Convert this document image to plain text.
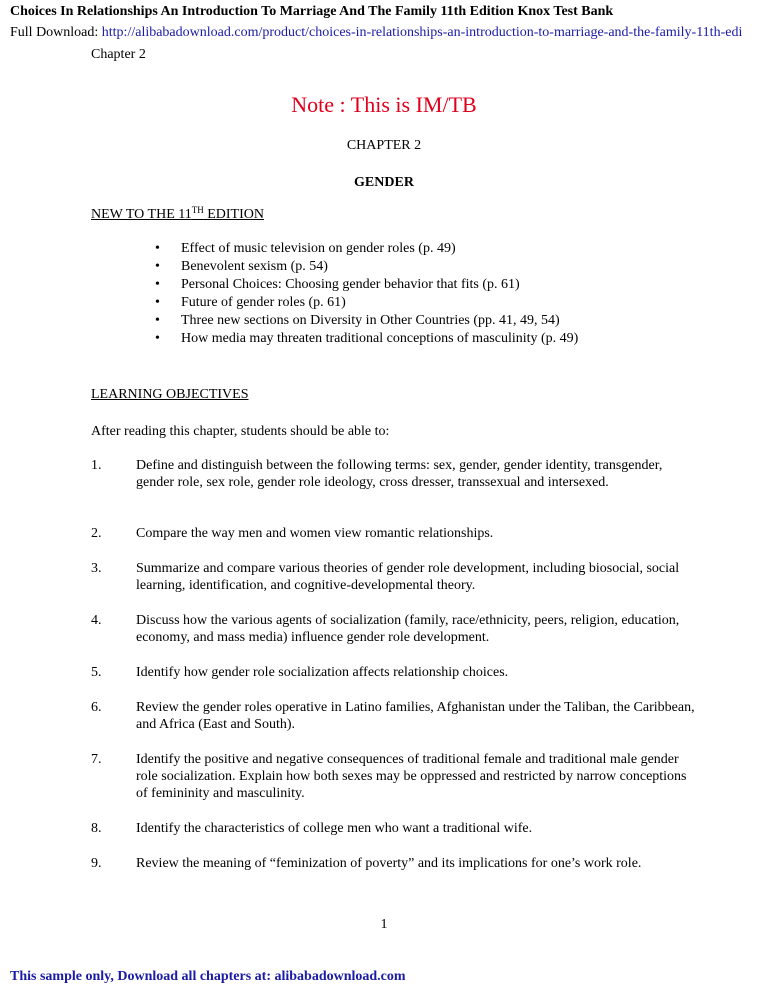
Choices In Relationships An Introduction To Marriage And The Family 11th Edition Knox Test Bank
Full Download: http://alibabadownload.com/product/choices-in-relationships-an-introduction-to-marriage-and-the-family-11th-edi
Chapter 2
Note : This is IM/TB
CHAPTER 2
GENDER
NEW TO THE 11TH EDITION
•	Effect of music television on gender roles (p. 49)
•	Benevolent sexism (p. 54)
•	Personal Choices: Choosing gender behavior that fits (p. 61)
•	Future of gender roles (p. 61)
•	Three new sections on Diversity in Other Countries (pp. 41, 49, 54)
•	How media may threaten traditional conceptions of masculinity (p. 49)
LEARNING OBJECTIVES
After reading this chapter, students should be able to:
1. Define and distinguish between the following terms: sex, gender, gender identity, transgender, gender role, sex role, gender role ideology, cross dresser, transsexual and intersexed.
2. Compare the way men and women view romantic relationships.
3. Summarize and compare various theories of gender role development, including biosocial, social learning, identification, and cognitive-developmental theory.
4. Discuss how the various agents of socialization (family, race/ethnicity, peers, religion, education, economy, and mass media) influence gender role development.
5. Identify how gender role socialization affects relationship choices.
6. Review the gender roles operative in Latino families, Afghanistan under the Taliban, the Caribbean, and Africa (East and South).
7. Identify the positive and negative consequences of traditional female and traditional male gender role socialization. Explain how both sexes may be oppressed and restricted by narrow conceptions of femininity and masculinity.
8. Identify the characteristics of college men who want a traditional wife.
9. Review the meaning of “feminization of poverty” and its implications for one’s work role.
1
This sample only, Download all chapters at: alibabadownload.com
